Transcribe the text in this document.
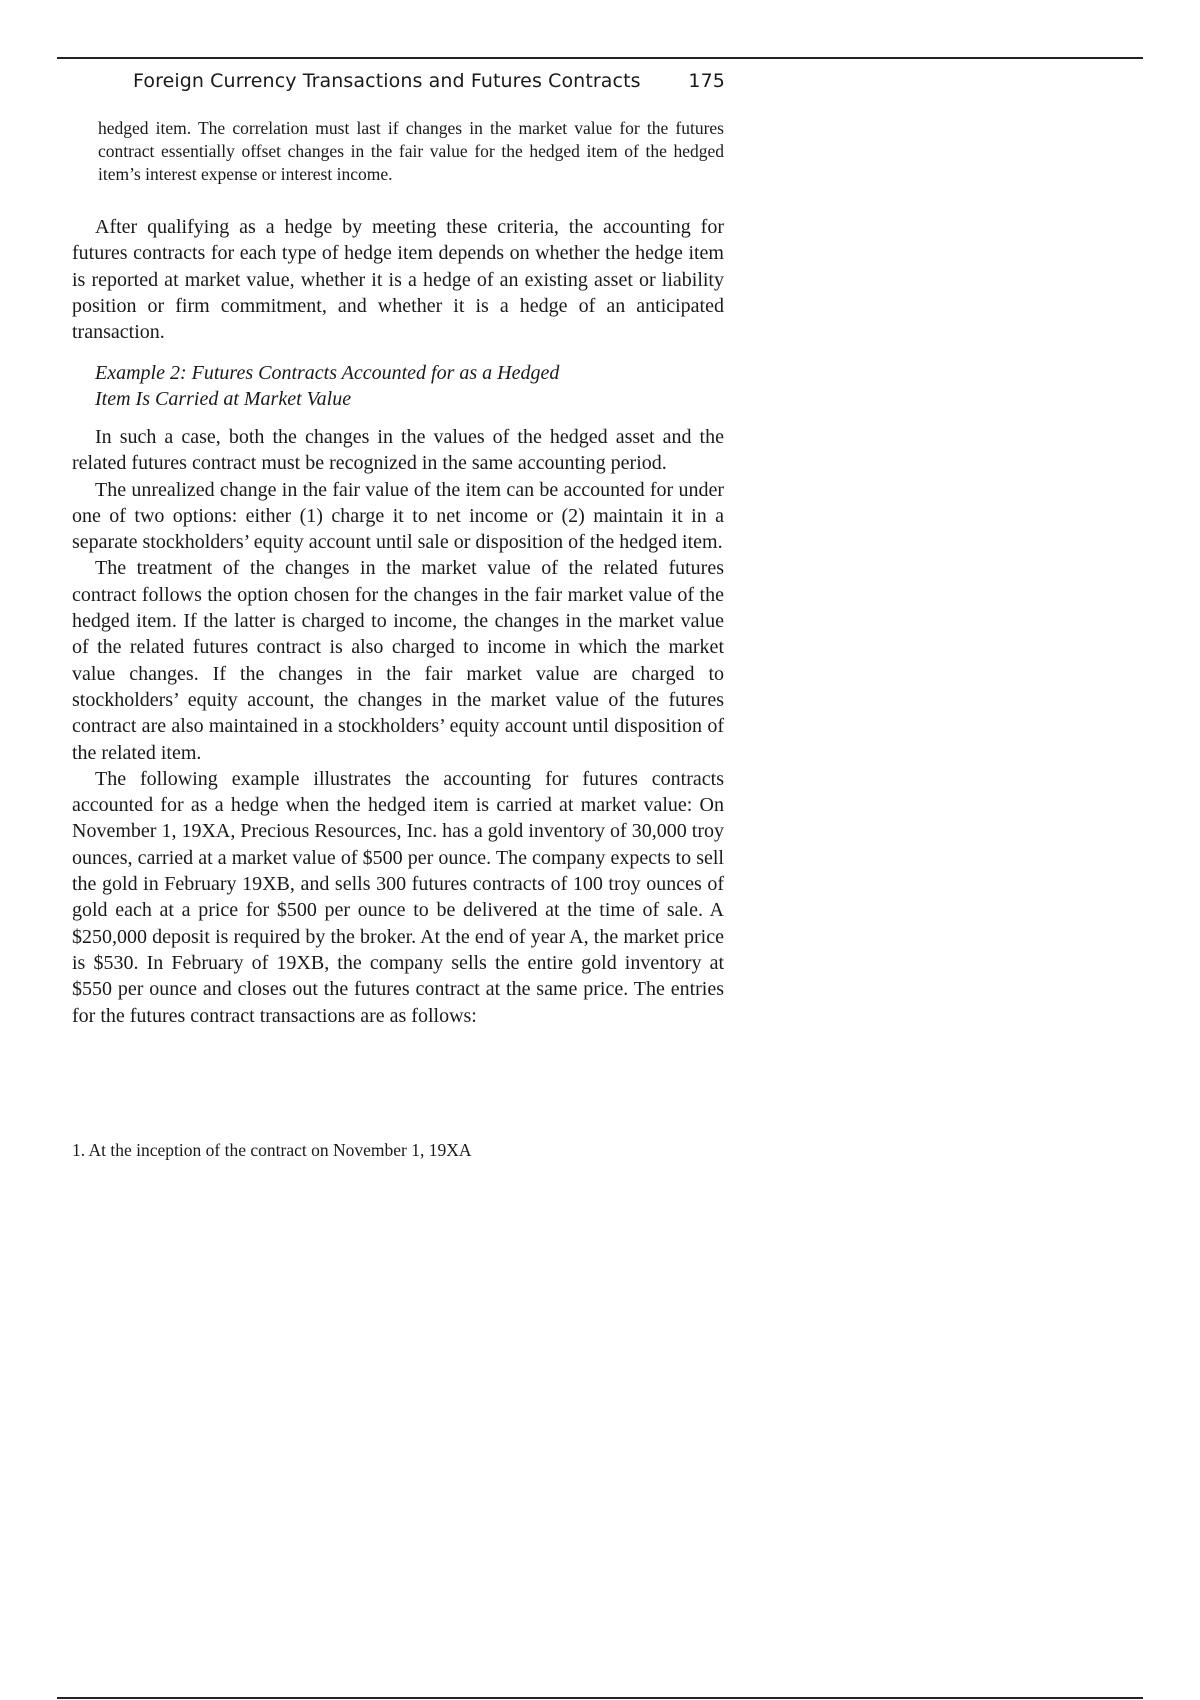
Foreign Currency Transactions and Futures Contracts	175
hedged item. The correlation must last if changes in the market value for the futures contract essentially offset changes in the fair value for the hedged item of the hedged item’s interest expense or interest income.

After qualifying as a hedge by meeting these criteria, the accounting for futures contracts for each type of hedge item depends on whether the hedge item is reported at market value, whether it is a hedge of an existing asset or liability position or firm commitment, and whether it is a hedge of an anticipated transaction.

Example 2: Futures Contracts Accounted for as a Hedged
Item Is Carried at Market Value

In such a case, both the changes in the values of the hedged asset and the related futures contract must be recognized in the same accounting period.

The unrealized change in the fair value of the item can be accounted for under one of two options: either (1) charge it to net income or (2) maintain it in a separate stockholders’ equity account until sale or disposition of the hedged item.

The treatment of the changes in the market value of the related futures contract follows the option chosen for the changes in the fair market value of the hedged item. If the latter is charged to income, the changes in the market value of the related futures contract is also charged to income in which the market value changes. If the changes in the fair market value are charged to stockholders’ equity account, the changes in the market value of the futures contract are also maintained in a stockholders’ equity account until disposition of the related item.

The following example illustrates the accounting for futures contracts accounted for as a hedge when the hedged item is carried at market value: On November 1, 19XA, Precious Resources, Inc. has a gold inventory of 30,000 troy ounces, carried at a market value of $500 per ounce. The company expects to sell the gold in February 19XB, and sells 300 futures contracts of 100 troy ounces of gold each at a price for $500 per ounce to be delivered at the time of sale. A $250,000 deposit is required by the broker. At the end of year A, the market price is $530. In February of 19XB, the company sells the entire gold inventory at $550 per ounce and closes out the futures contract at the same price. The entries for the futures contract transactions are as follows:

1. At the inception of the contract on November 1, 19XA
